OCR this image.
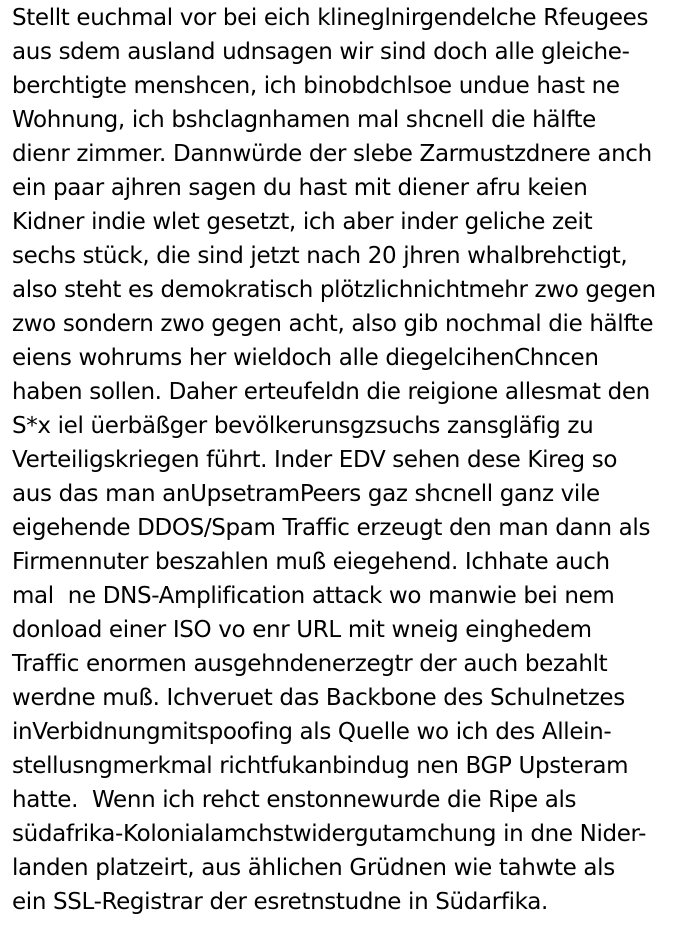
Stellt euchmal vor bei eich klineglnirgendelche Rfeugees
aus sdem ausland udnsagen wir sind doch alle gleiche-
berchtigte menshcen, ich binobdchlsoe undue hast ne
Wohnung, ich bshclagnhamen mal shcnell die hälfte
dienr zimmer. Dannwürde der slebe Zarmustzdnere anch
ein paar ajhren sagen du hast mit diener afru keien
Kidner indie wlet gesetzt, ich aber inder geliche zeit
sechs stück, die sind jetzt nach 20 jhren whalbrehctigt,
also steht es demokratisch plötzlichnichtmehr zwo gegen
zwo sondern zwo gegen acht, also gib nochmal die hälfte
eiens wohrums her wieldoch alle diegelcihenChncen
haben sollen. Daher erteufeldn die reigione allesmat den
S*x iel üerbäßger bevölkerunsgzsuchs zansgläfig zu
Verteiligskriegen führt. Inder EDV sehen dese Kireg so
aus das man anUpsetramPeers gaz shcnell ganz vile
eigehende DDOS/Spam Traffic erzeugt den man dann als
Firmennuter beszahlen muß eiegehend. Ichhate auch
mal  ne DNS-Amplification attack wo manwie bei nem
donload einer ISO vo enr URL mit wneig einghedem
Traffic enormen ausgehndenerzegtr der auch bezahlt
werdne muß. Ichveruet das Backbone des Schulnetzes
inVerbidnungmitspoofing als Quelle wo ich des Allein-
stellusngmerkmal richtfukanbindug nen BGP Upsteram
hatte.  Wenn ich rehct enstonnewurde die Ripe als
südafrika-Kolonialamchstwidergutamchung in dne Nider-
landen platzeirt, aus ählichen Grüdnen wie tahwte als
ein SSL-Registrar der esretnstudne in Südarfika.
